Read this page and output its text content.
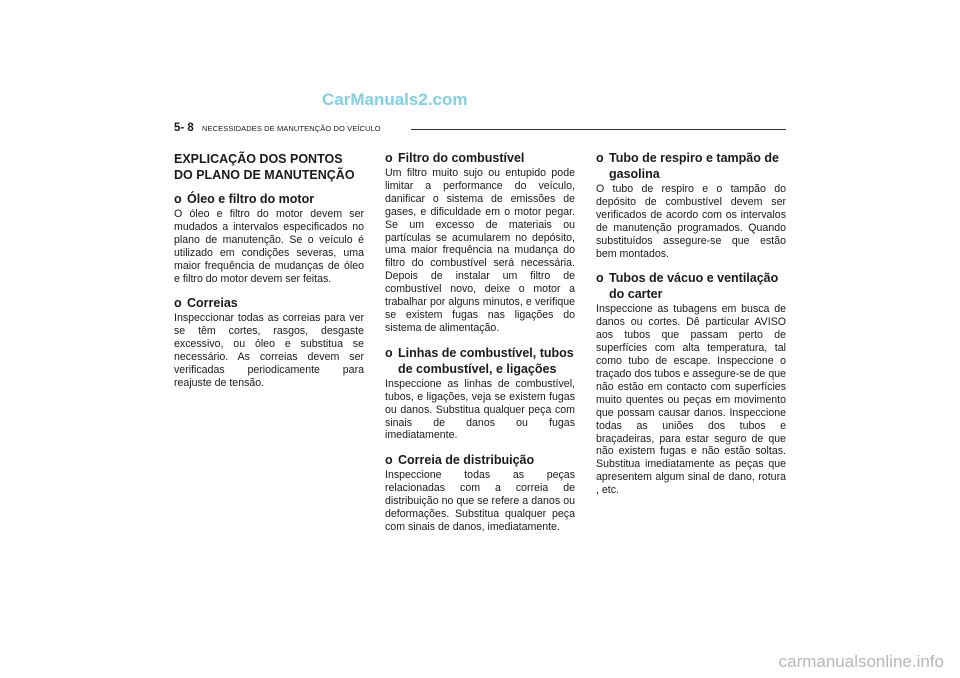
CarManuals2.com
5- 8 NECESSIDADES DE MANUTENÇÃO DO VEÍCULO
EXPLICAÇÃO DOS PONTOS DO PLANO DE MANUTENÇÃO
o Óleo e filtro do motor

O óleo e filtro do motor devem ser mudados a intervalos especificados no plano de manutenção. Se o veículo é utilizado em condições severas, uma maior frequência de mudanças de óleo e filtro do motor devem ser feitas.

o Correias

Inspeccionar todas as correias para ver se têm cortes, rasgos, desgaste excessivo, ou óleo e substitua se necessário. As correias devem ser verificadas periodicamente para reajuste de tensão.

o Filtro do combustível

Um filtro muito sujo ou entupido pode limitar a performance do veículo, danificar o sistema de emissões de gases, e dificuldade em o motor pegar. Se um excesso de materiais ou partículas se acumularem no depósito, uma maior frequência na mudança do filtro do combustível será necessária. Depois de instalar um filtro de combustível novo, deixe o motor a trabalhar por alguns minutos, e verifique se existem fugas nas ligações do sistema de alimentação.

o Linhas de combustível, tubos de combustível, e ligações

Inspeccione as linhas de combustível, tubos, e ligações, veja se existem fugas ou danos. Substitua qualquer peça com sinais de danos ou fugas imediatamente.

o Correia de distribuição

Inspeccione todas as peças relacionadas com a correia de distribuição no que se refere a danos ou deformações. Substitua qualquer peça com sinais de danos, imediatamente.

o Tubo de respiro e tampão de gasolina

O tubo de respiro e o tampão do depósito de combustível devem ser verificados de acordo com os intervalos de manutenção programados. Quando substituídos assegure-se que estão bem montados.

o Tubos de vácuo e ventilação do carter

Inspeccione as tubagens em busca de danos ou cortes. Dê particular AVISO aos tubos que passam perto de superfícies com alta temperatura, tal como tubo de escape. Inspeccione o traçado dos tubos e assegure-se de que não estão em contacto com superfícies muito quentes ou peças em movimento que possam causar danos. Inspeccione todas as uniões dos tubos e braçadeiras, para estar seguro de que não existem fugas e não estão soltas. Substitua imediatamente as peças que apresentem algum sinal de dano, rotura , etc.

carmanualsonline.info
